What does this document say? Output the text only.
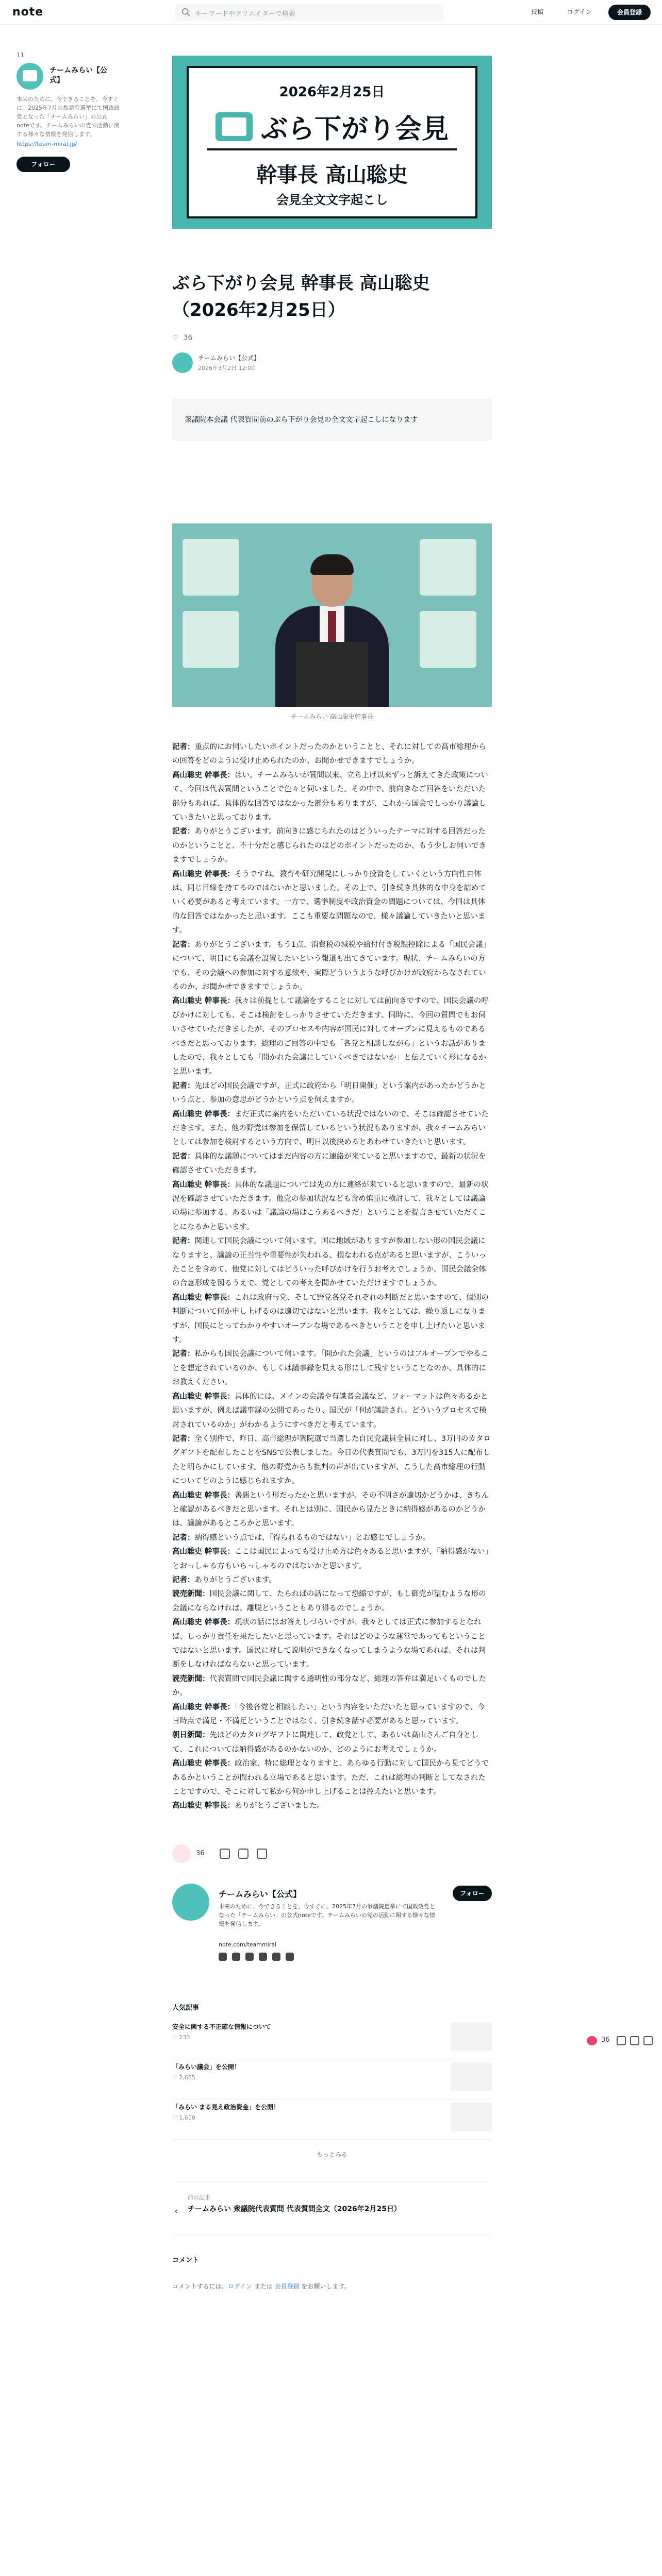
note	キーワードやクリエイターで検索	投稿	ログイン	会員登録
11
チームみらい【公式】
未来のために、今できることを、今すぐに。2025年7月の参議院選挙にて国政政党となった「チームみらい」の公式noteです。チームみらいの党の活動に関する様々な情報を発信します。
https://team-mirai.jp/
フォロー
2026年2月25日
ぶら下がり会見
幹事長 高山聡史
会見全文文字起こし
ぶら下がり会見 幹事長 高山聡史（2026年2月25日）
♡ 36
チームみらい【公式】
2026年3月2日 12:00
衆議院本会議 代表質問前のぶら下がり会見の全文文字起こしになります
チームみらい 高山聡史幹事長

記者：重点的にお伺いしたいポイントだったのかということと、それに対しての高市総理からの回答をどのように受け止められたのか、お聞かせできますでしょうか。

高山聡史 幹事長：はい。チームみらいが質問以来、立ち上げ以来ずっと訴えてきた政策について、今回は代表質問ということで色々と伺いました。その中で、前向きなご回答をいただいた部分もあれば、具体的な回答ではなかった部分もありますが、これから国会でしっかり議論していきたいと思っております。

記者：ありがとうございます。前向きに感じられたのはどういったテーマに対する回答だったのかということと、不十分だと感じられたのはどのポイントだったのか、もう少しお伺いできますでしょうか。

高山聡史 幹事長：そうですね。教育や研究開発にしっかり投資をしていくという方向性自体は、同じ目線を持てるのではないかと思いました。その上で、引き続き具体的な中身を詰めていく必要があると考えています。一方で、選挙制度や政治資金の問題については、今回は具体的な回答ではなかったと思います。ここも重要な問題なので、様々議論していきたいと思います。

記者：ありがとうございます。もう1点、消費税の減税や給付付き税額控除による「国民会議」について、明日にも会議を設置したいという報道も出てきています。現状、チームみらいの方でも、その会議への参加に対する意欲や、実際どういうような呼びかけが政府からなされているのか、お聞かせできますでしょうか。

高山聡史 幹事長：我々は前提として議論をすることに対しては前向きですので、国民会議の呼びかけに対しても、そこは検討をしっかりさせていただきます。同時に、今回の質問でもお伺いさせていただきましたが、そのプロセスや内容が国民に対してオープンに見えるものであるべきだと思っております。総理のご回答の中でも「各党と相談しながら」というお話がありましたので、我々としても「開かれた会議にしていくべきではないか」と伝えていく形になるかと思います。

記者：先ほどの国民会議ですが、正式に政府から「明日開催」という案内があったかどうかという点と、参加の意思がどうかという点を伺えますか。

高山聡史 幹事長：まだ正式に案内をいただいている状況ではないので、そこは確認させていただきます。また、他の野党は参加を保留しているという状況もありますが、我々チームみらいとしては参加を検討するという方向で、明日以後決めるとあわせていきたいと思います。

記者：具体的な議題についてはまだ内容の方に連絡が来ていると思いますので、最新の状況を確認させていただきます。

高山聡史 幹事長：具体的な議題については先の方に連絡が来ていると思いますので、最新の状況を確認させていただきます。他党の参加状況なども含め慎重に検討して、我々としては議論の場に参加する、あるいは「議論の場はこうあるべきだ」ということを提言させていただくことになるかと思います。

記者：関連して国民会議について伺います。国に地域がありますが参加しない形の国民会議になりますと、議論の正当性や重要性が失われる、損なわれる点があると思いますが、こういったことを含めて、他党に対してはどういった呼びかけを行うお考えでしょうか。国民会議全体の合意形成を図るうえで、党としての考えを聞かせていただけますでしょうか。

高山聡史 幹事長：これは政府与党、そして野党各党それぞれの判断だと思いますので、個別の判断について何か申し上げるのは適切ではないと思います。我々としては、繰り返しになりますが、国民にとってわかりやすいオープンな場であるべきということを申し上げたいと思います。

記者：私からも国民会議について伺います。「開かれた会議」というのはフルオープンでやることを想定されているのか、もしくは議事録を見える形にして残すということなのか、具体的にお教えください。

高山聡史 幹事長：具体的には、メインの会議や有識者会議など、フォーマットは色々あるかと思いますが、例えば議事録の公開であったり、国民が「何が議論され、どういうプロセスで検討されているのか」がわかるようにすべきだと考えています。

記者：全く別件で、昨日、高市総理が衆院選で当選した自民党議員全員に対し、3万円のカタログギフトを配布したことをSNSで公表しました。今日の代表質問でも、3万円を315人に配布したと明らかにしています。他の野党からも批判の声が出ていますが、こうした高市総理の行動についてどのように感じられますか。

高山聡史 幹事長：善悪という形だったかと思いますが、その不明さが適切かどうかは、きちんと確認があるべきだと思います。それとは別に、国民から見たときに納得感があるのかどうかは、議論があるところかと思います。

記者：納得感という点では、「得られるものではない」とお感じでしょうか。

高山聡史 幹事長：ここは国民によっても受け止め方は色々あると思いますが、「納得感がない」とおっしゃる方もいらっしゃるのではないかと思います。

記者：ありがとうございます。

読売新聞：国民会議に関して、たらればの話になって恐縮ですが、もし御党が望むような形の会議にならなければ、離脱ということもあり得るのでしょうか。

高山聡史 幹事長：現状の話にはお答えしづらいですが、我々としては正式に参加するとなれば、しっかり責任を果たしたいと思っています。それはどのような運営であってもということではないと思います。国民に対して説明ができなくなってしまうような場であれば、それは判断をしなければならないと思っています。

読売新聞：代表質問で国民会議に関する透明性の部分など、総理の答弁は満足いくものでしたか。

高山聡史 幹事長：「今後各党と相談したい」という内容をいただいたと思っていますので、今日時点で満足・不満足ということではなく、引き続き話す必要があると思っています。

朝日新聞：先ほどのカタログギフトに関連して、政党として、あるいは高山さんご自身として、これについては納得感があるのかないのか、どのようにお考えでしょうか。

高山聡史 幹事長：政治家、特に総理となりますと、あらゆる行動に対して国民から見てどうであるかということが問われる立場であると思います。ただ、これは総理の判断としてなされたことですので、そこに対して私から何か申し上げることは控えたいと思います。

高山聡史 幹事長：ありがとうございました。

36
チームみらい【公式】	フォロー
未来のために、今できることを、今すぐに。2025年7月の参議院選挙にて国政政党となった「チームみらい」の公式noteです。チームみらいの党の活動に関する様々な情報を発信します。
note.com/teammirai
人気記事
安全に関する不正確な情報について
♡ 233
「みらい議会」を公開！
♡ 2,665
「みらい まる見え政治資金」を公開！
♡ 1,618
もっとみる
‹
前の記事
チームみらい 衆議院代表質問 代表質問全文（2026年2月25日）
コメント
コメントするには、ログイン または 会員登録 をお願いします。
36
